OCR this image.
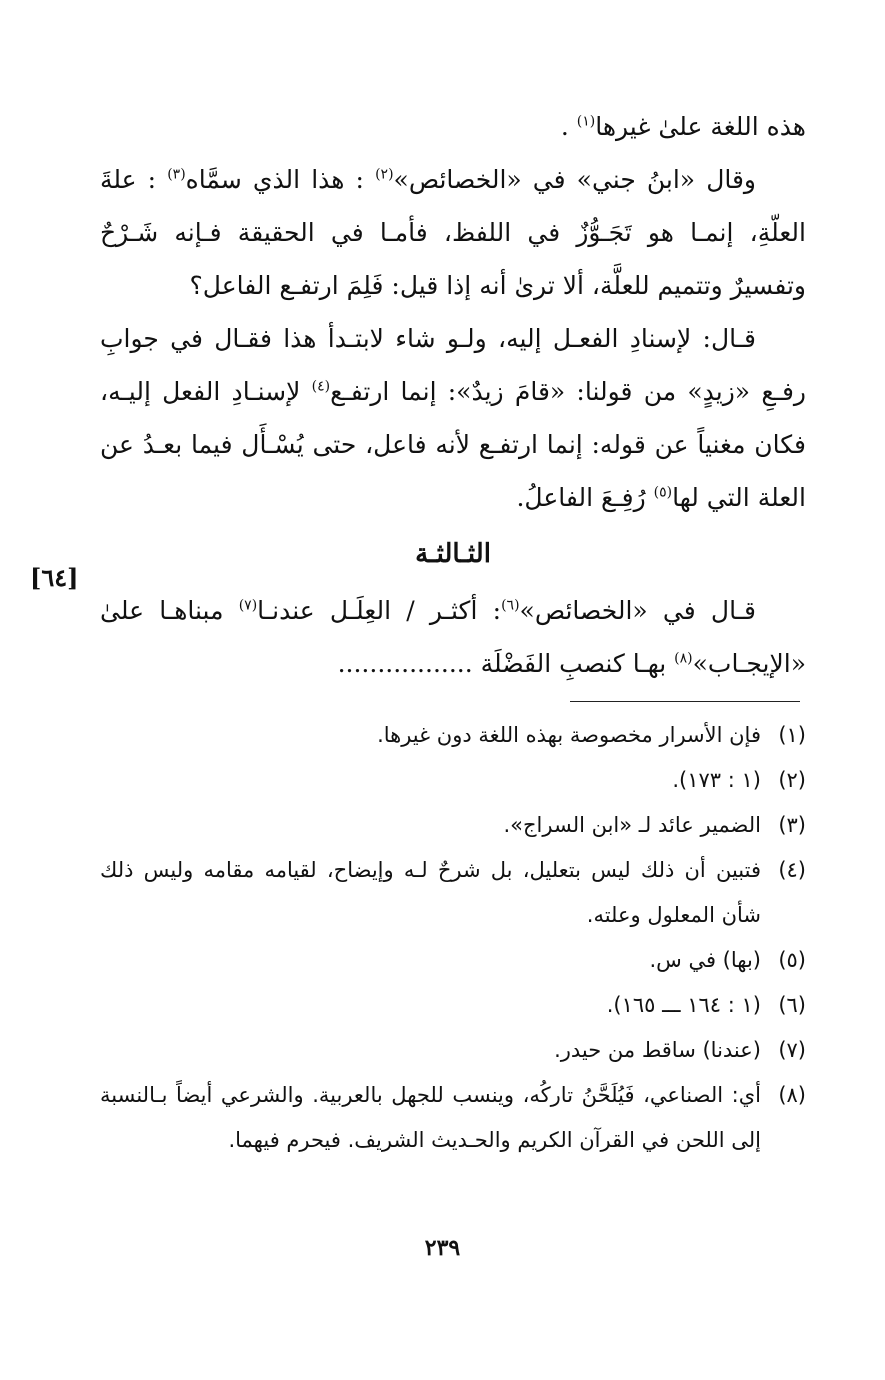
هذه اللغة علىٰ غيرها$^{(١)}$ .

وقال «ابنُ جني» في «الخصائص»$^{(٢)}$ : هذا الذي سمَّاه$^{(٣)}$ : علةَ العلّةِ، إنمـا هو تَجَـوُّزٌ في اللفظ، فأمـا في الحقيقة فـإنه شَـرْحٌ وتفسيرٌ وتتميم للعلَّة، ألا ترىٰ أنه إذا قيل: فَلِمَ ارتفـع الفاعل؟

قـال: لإسنادِ الفعـل إليه، ولـو شاء لابتـدأ هذا فقـال في جوابِ رفـعِ «زيدٍ» من قولنا: «قامَ زيدٌ»: إنما ارتفـع$^{(٤)}$ لإسنـادِ الفعل إليـه، فكان مغنياً عن قوله: إنما ارتفـع لأنه فاعل، حتى يُسْـأَل فيما بعـدُ عن العلة التي لها$^{(٥)}$ رُفِـعَ الفاعلُ.

الثـالثـة

قـال في «الخصائص»$^{(٦)}$: أكثـر / العِلَـل عندنـا$^{(٧)}$ مبناهـا علىٰ «الإيجـاب»$^{(٨)}$ بهـا كنصبِ الفَضْلَة .................

[٦٤]
(١)
فإن الأسرار مخصوصة بهذه اللغة دون غيرها.
(٢)
(١ : ١٧٣).
(٣)
الضمير عائد لـ «ابن السراج».
(٤)
فتبين أن ذلك ليس بتعليل، بل شرحٌ لـه وإيضاح، لقيامه مقامه وليس ذلك شأن المعلول وعلته.
(٥)
(بها) في س.
(٦)
(١ : ١٦٤ ـــ ١٦٥).
(٧)
(عندنا) ساقط من حيدر.
(٨)
أي: الصناعي، فَيُلَحَّنُ تاركُه، وينسب للجهل بالعربية. والشرعي أيضاً بـالنسبة إلى اللحن في القرآن الكريم والحـديث الشريف. فيحرم فيهما.
٢٣٩
